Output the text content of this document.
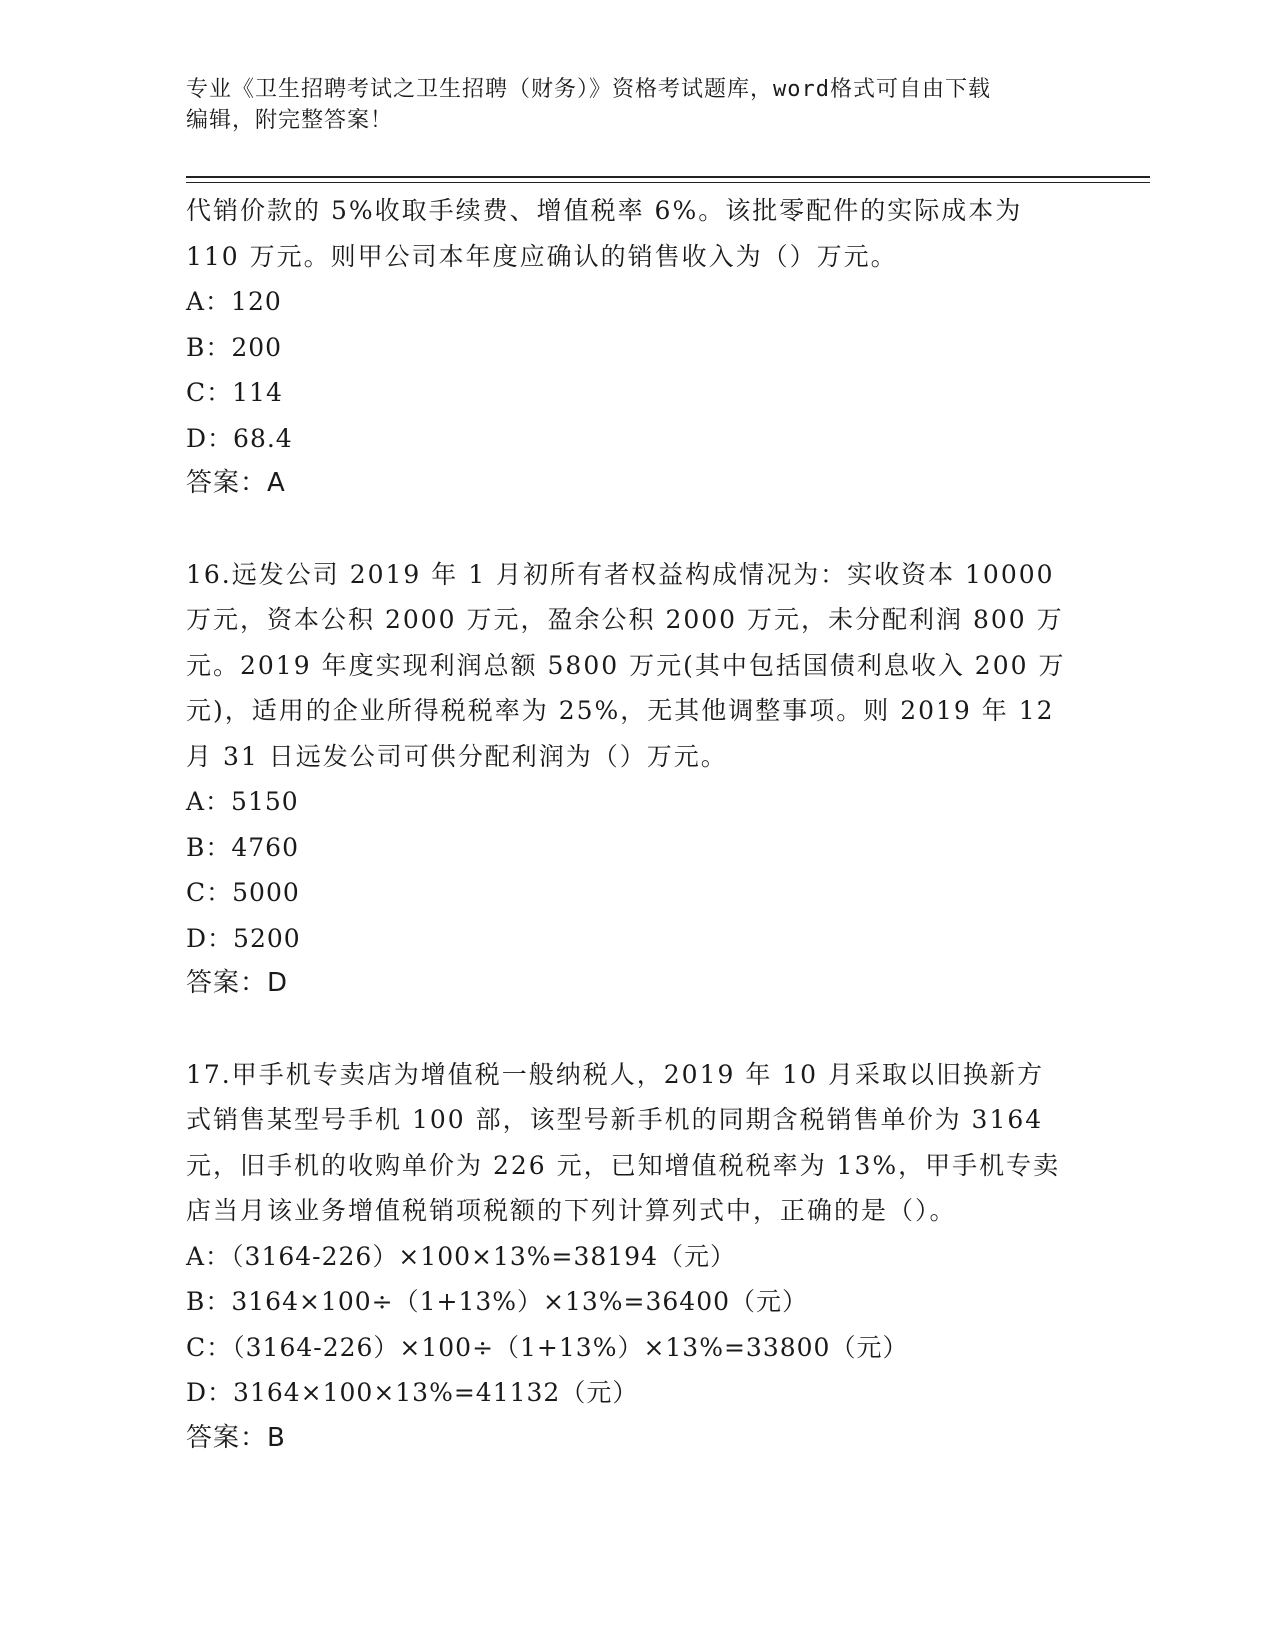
专业《卫生招聘考试之卫生招聘（财务）》资格考试题库，word格式可自由下载
编辑，附完整答案！
代销价款的 5%收取手续费、增值税率 6%。该批零配件的实际成本为
110 万元。则甲公司本年度应确认的销售收入为（）万元。
A：120
B：200
C：114
D：68.4
答案：A
16.远发公司 2019 年 1 月初所有者权益构成情况为：实收资本 10000
万元，资本公积 2000 万元，盈余公积 2000 万元，未分配利润 800 万
元。2019 年度实现利润总额 5800 万元(其中包括国债利息收入 200 万
元)，适用的企业所得税税率为 25%，无其他调整事项。则 2019 年 12
月 31 日远发公司可供分配利润为（）万元。
A：5150
B：4760
C：5000
D：5200
答案：D
17.甲手机专卖店为增值税一般纳税人，2019 年 10 月采取以旧换新方
式销售某型号手机 100 部，该型号新手机的同期含税销售单价为 3164
元，旧手机的收购单价为 226 元，已知增值税税率为 13%，甲手机专卖
店当月该业务增值税销项税额的下列计算列式中，正确的是（）。
A：（3164-226）×100×13%=38194（元）
B：3164×100÷（1+13%）×13%=36400（元）
C：（3164-226）×100÷（1+13%）×13%=33800（元）
D：3164×100×13%=41132（元）
答案：B
